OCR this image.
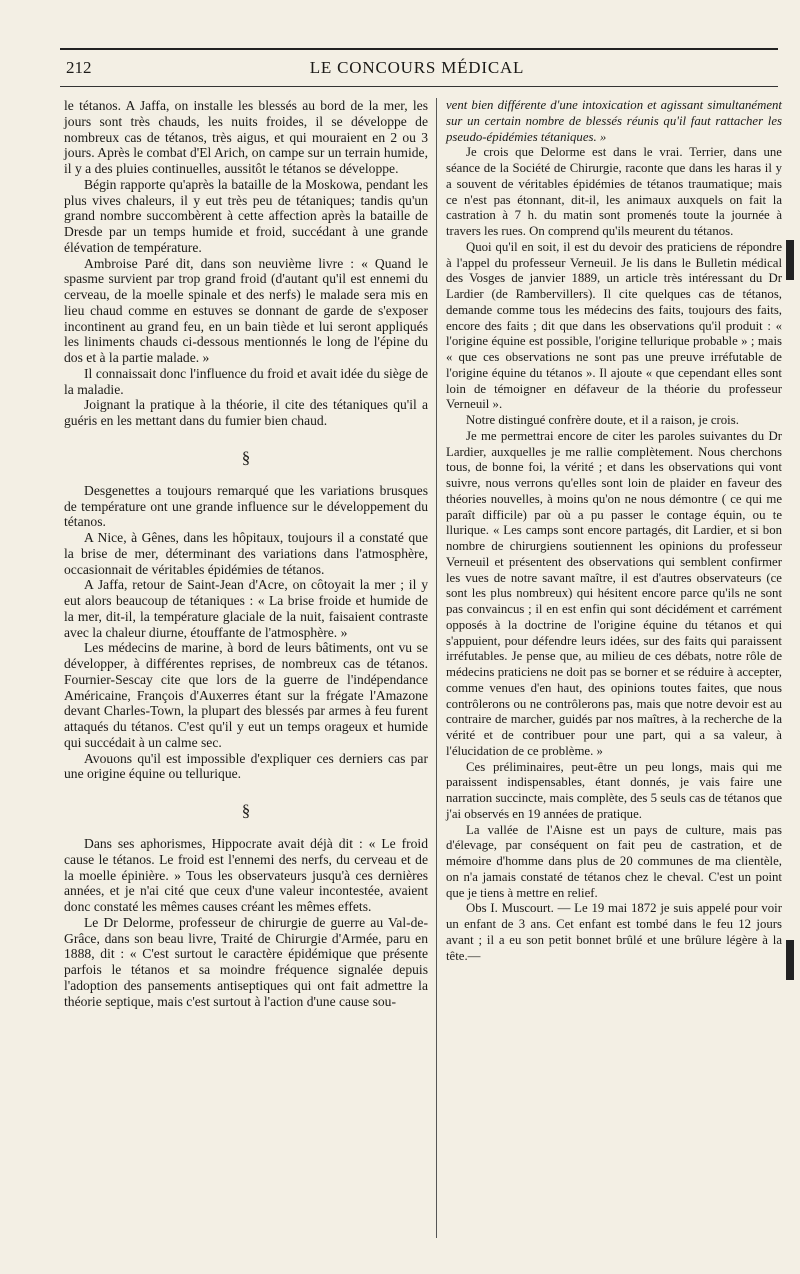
212	LE CONCOURS MÉDICAL

le tétanos. A Jaffa, on installe les blessés au bord de la mer, les jours sont très chauds, les nuits froides, il se développe de nombreux cas de tétanos, très aigus, et qui mouraient en 2 ou 3 jours. Après le combat d'El Arich, on campe sur un terrain humide, il y a des pluies continuelles, aussitôt le tétanos se développe.

Bégin rapporte qu'après la bataille de la Moskowa, pendant les plus vives chaleurs, il y eut très peu de tétaniques; tandis qu'un grand nombre succombèrent à cette affection après la bataille de Dresde par un temps humide et froid, succédant à une grande élévation de température.

Ambroise Paré dit, dans son neuvième livre : « Quand le spasme survient par trop grand froid (d'autant qu'il est ennemi du cerveau, de la moelle spinale et des nerfs) le malade sera mis en lieu chaud comme en estuves se donnant de garde de s'exposer incontinent au grand feu, en un bain tiède et lui seront appliqués les liniments chauds ci-dessous mentionnés le long de l'épine du dos et à la partie malade. »

Il connaissait donc l'influence du froid et avait idée du siège de la maladie.

Joignant la pratique à la théorie, il cite des tétaniques qu'il a guéris en les mettant dans du fumier bien chaud.

§

Desgenettes a toujours remarqué que les variations brusques de température ont une grande influence sur le développement du tétanos.

A Nice, à Gênes, dans les hôpitaux, toujours il a constaté que la brise de mer, déterminant des variations dans l'atmosphère, occasionnait de véritables épidémies de tétanos.

A Jaffa, retour de Saint-Jean d'Acre, on côtoyait la mer ; il y eut alors beaucoup de tétaniques : « La brise froide et humide de la mer, dit-il, la température glaciale de la nuit, faisaient contraste avec la chaleur diurne, étouffante de l'atmosphère. »

Les médecins de marine, à bord de leurs bâtiments, ont vu se développer, à différentes reprises, de nombreux cas de tétanos. Fournier-Sescay cite que lors de la guerre de l'indépendance Américaine, François d'Auxerres étant sur la frégate l'Amazone devant Charles-Town, la plupart des blessés par armes à feu furent attaqués du tétanos. C'est qu'il y eut un temps orageux et humide qui succédait à un calme sec.

Avouons qu'il est impossible d'expliquer ces derniers cas par une origine équine ou tellurique.

§

Dans ses aphorismes, Hippocrate avait déjà dit : « Le froid cause le tétanos. Le froid est l'ennemi des nerfs, du cerveau et de la moelle épinière. » Tous les observateurs jusqu'à ces dernières années, et je n'ai cité que ceux d'une valeur incontestée, avaient donc constaté les mêmes causes créant les mêmes effets.

Le Dr Delorme, professeur de chirurgie de guerre au Val-de-Grâce, dans son beau livre, Traité de Chirurgie d'Armée, paru en 1888, dit : « C'est surtout le caractère épidémique que présente parfois le tétanos et sa moindre fréquence signalée depuis l'adoption des pansements antiseptiques qui ont fait admettre la théorie septique, mais c'est surtout à l'action d'une cause sou-

vent bien différente d'une intoxication et agissant simultanément sur un certain nombre de blessés réunis qu'il faut rattacher les pseudo-épidémies tétaniques. »

Je crois que Delorme est dans le vrai. Terrier, dans une séance de la Société de Chirurgie, raconte que dans les haras il y a souvent de véritables épidémies de tétanos traumatique; mais ce n'est pas étonnant, dit-il, les animaux auxquels on fait la castration à 7 h. du matin sont promenés toute la journée à travers les rues. On comprend qu'ils meurent du tétanos.

Quoi qu'il en soit, il est du devoir des praticiens de répondre à l'appel du professeur Verneuil. Je lis dans le Bulletin médical des Vosges de janvier 1889, un article très intéressant du Dr Lardier (de Rambervillers). Il cite quelques cas de tétanos, demande comme tous les médecins des faits, toujours des faits, encore des faits ; dit que dans les observations qu'il produit : « l'origine équine est possible, l'origine tellurique probable » ; mais « que ces observations ne sont pas une preuve irréfutable de l'origine équine du tétanos ». Il ajoute « que cependant elles sont loin de témoigner en défaveur de la théorie du professeur Verneuil ».

Notre distingué confrère doute, et il a raison, je crois.

Je me permettrai encore de citer les paroles suivantes du Dr Lardier, auxquelles je me rallie complètement. Nous cherchons tous, de bonne foi, la vérité ; et dans les observations qui vont suivre, nous verrons qu'elles sont loin de plaider en faveur des théories nouvelles, à moins qu'on ne nous démontre ( ce qui me paraît difficile) par où a pu passer le contage équin, ou te llurique. « Les camps sont encore partagés, dit Lardier, et si bon nombre de chirurgiens soutiennent les opinions du professeur Verneuil et présentent des observations qui semblent confirmer les vues de notre savant maître, il est d'autres observateurs (ce sont les plus nombreux) qui hésitent encore parce qu'ils ne sont pas convaincus ; il en est enfin qui sont décidément et carrément opposés à la doctrine de l'origine équine du tétanos et qui s'appuient, pour défendre leurs idées, sur des faits qui paraissent irréfutables. Je pense que, au milieu de ces débats, notre rôle de médecins praticiens ne doit pas se borner et se réduire à accepter, comme venues d'en haut, des opinions toutes faites, que nous contrôlerons ou ne contrôlerons pas, mais que notre devoir est au contraire de marcher, guidés par nos maîtres, à la recherche de la vérité et de contribuer pour une part, qui a sa valeur, à l'élucidation de ce problème. »

Ces préliminaires, peut-être un peu longs, mais qui me paraissent indispensables, étant donnés, je vais faire une narration succincte, mais complète, des 5 seuls cas de tétanos que j'ai observés en 19 années de pratique.

La vallée de l'Aisne est un pays de culture, mais pas d'élevage, par conséquent on fait peu de castration, et de mémoire d'homme dans plus de 20 communes de ma clientèle, on n'a jamais constaté de tétanos chez le cheval. C'est un point que je tiens à mettre en relief.

Obs I. Muscourt. — Le 19 mai 1872 je suis appelé pour voir un enfant de 3 ans. Cet enfant est tombé dans le feu 12 jours avant ; il a eu son petit bonnet brûlé et une brûlure légère à la tête.—
